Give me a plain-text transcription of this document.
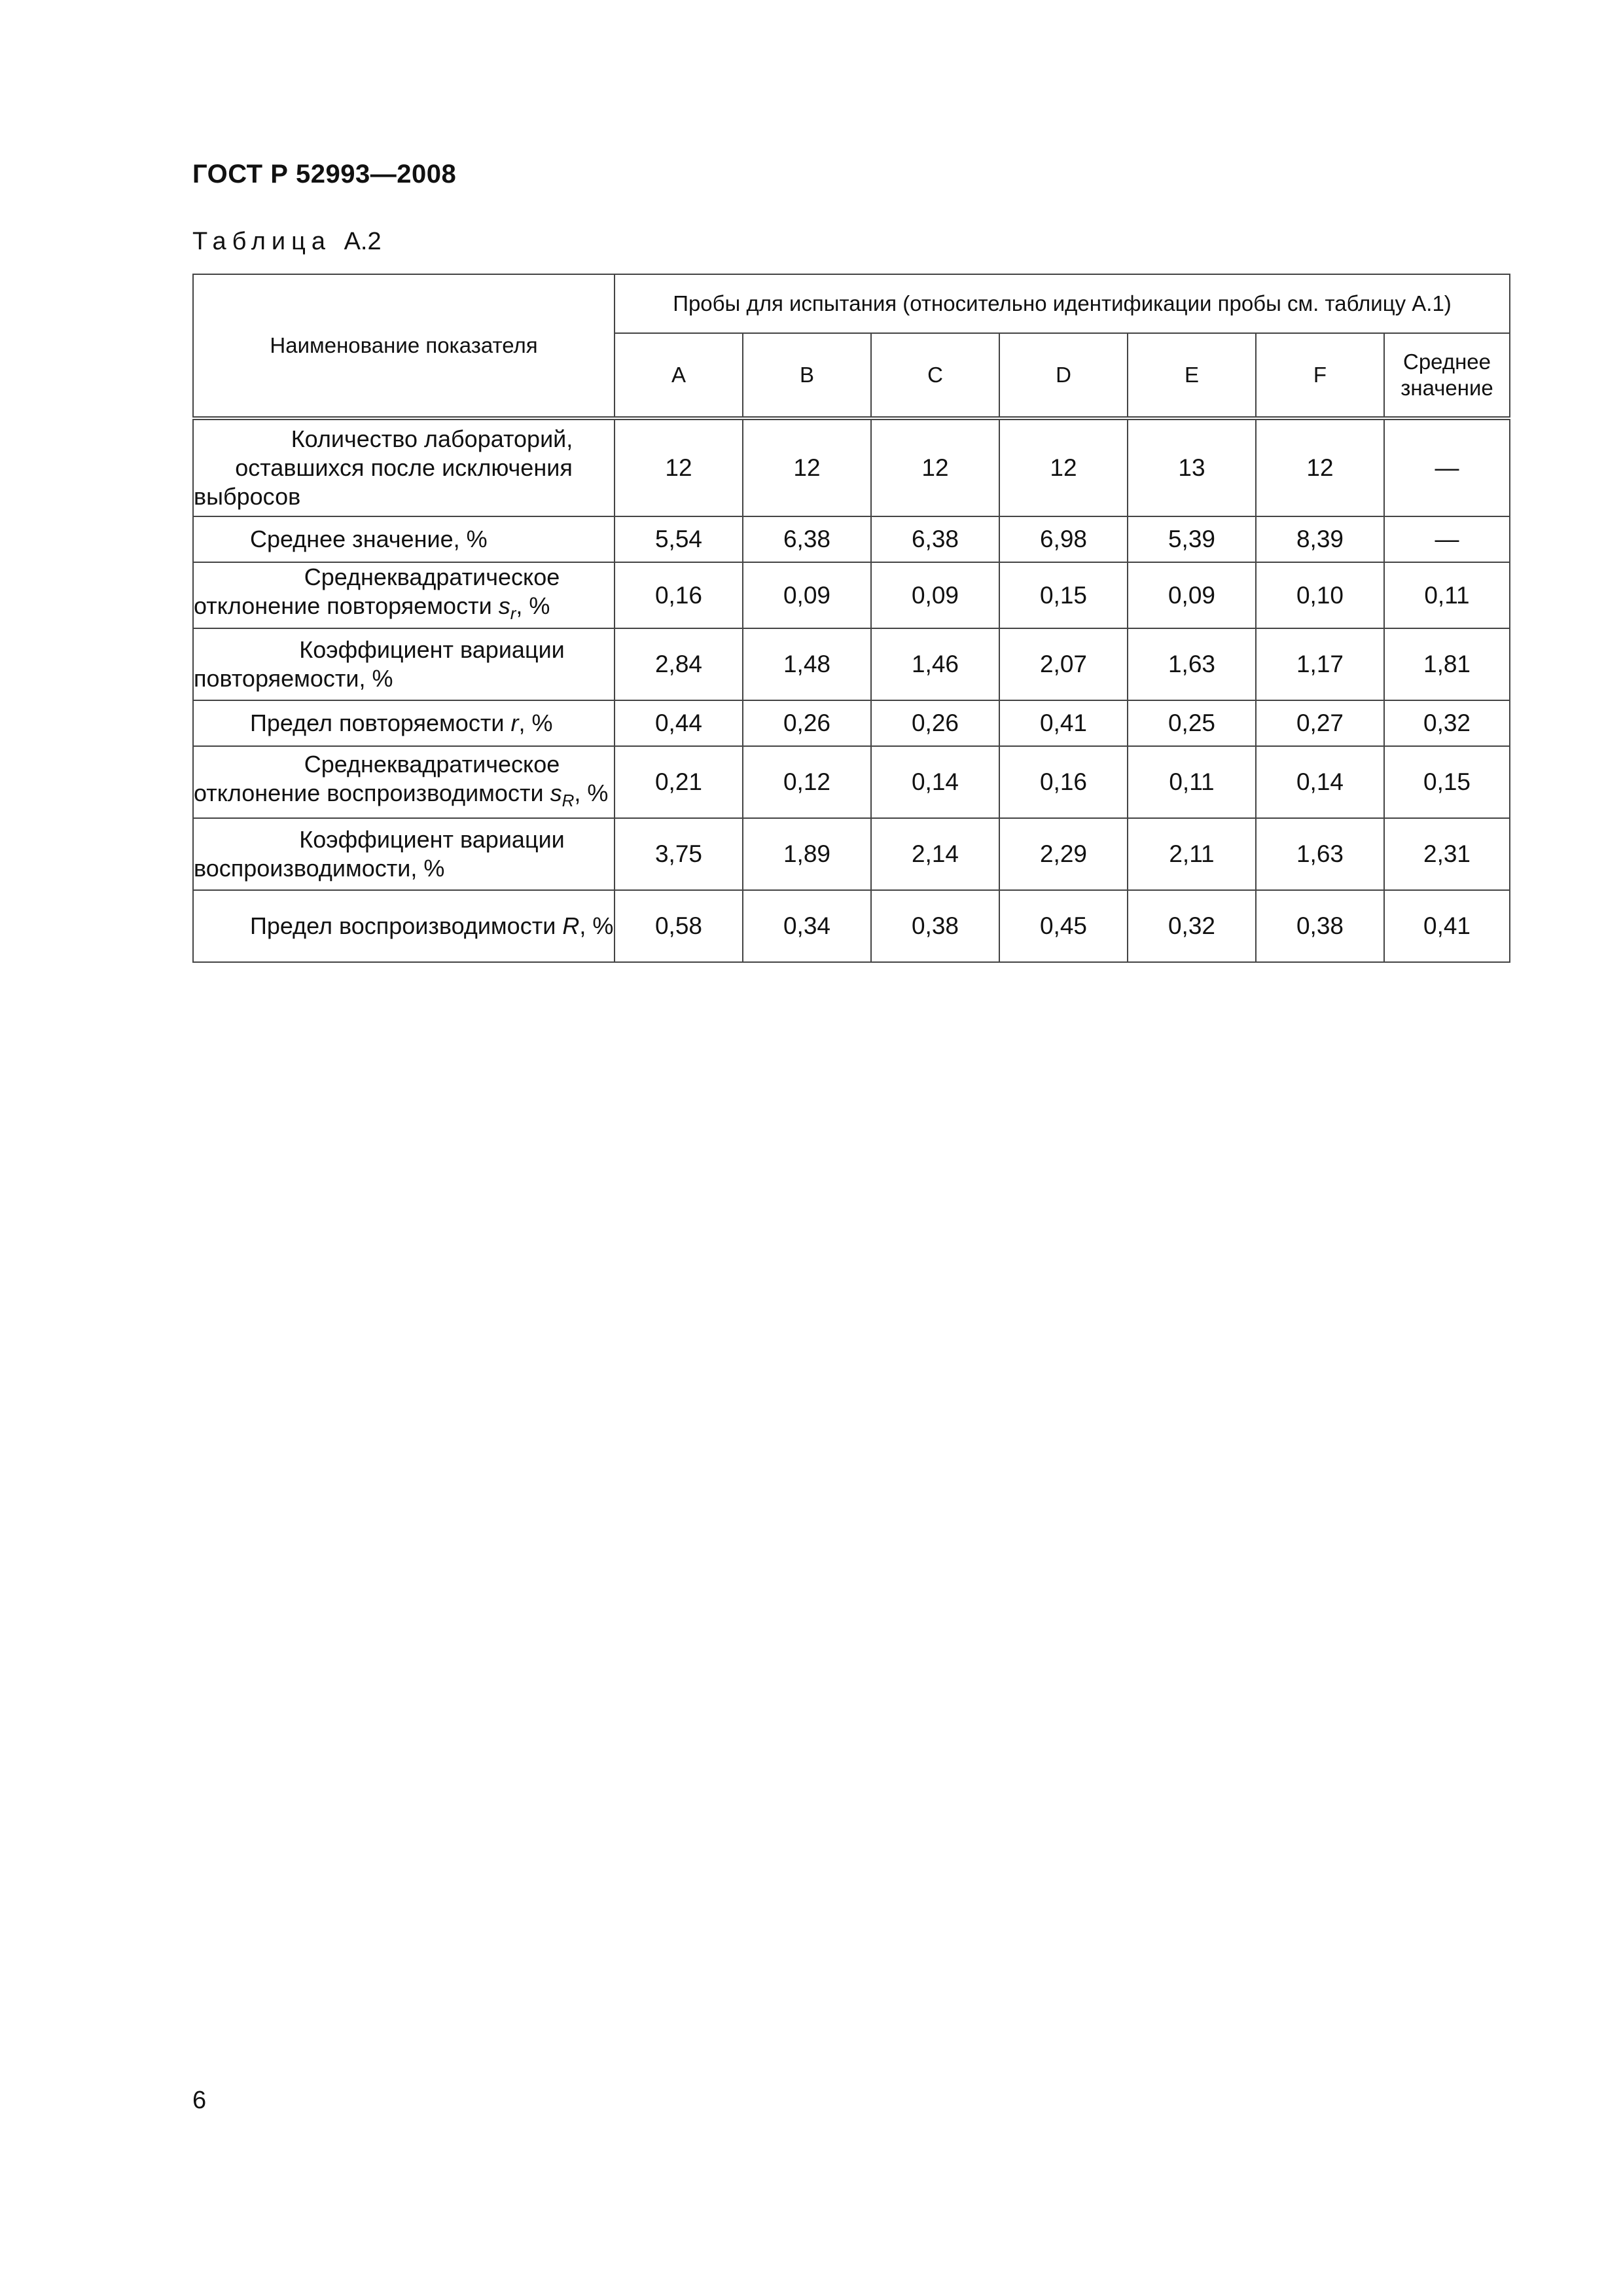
ГОСТ Р 52993—2008
Таблица А.2
Наименование показателя	Пробы для испытания (относительно идентификации пробы см. таблицу А.1)						
	A	B	C	D	E	F	Среднее значение

Количество лабораторий, оставшихся после исключения выбросов	12	12	12	12	13	12	—

Среднее значение, %	5,54	6,38	6,38	6,98	5,39	8,39	—

Среднеквадратическое отклонение повторяемости $s_r$, %	0,16	0,09	0,09	0,15	0,09	0,10	0,11

Коэффициент вариации повторяемости, %	2,84	1,48	1,46	2,07	1,63	1,17	1,81

Предел повторяемости r, %	0,44	0,26	0,26	0,41	0,25	0,27	0,32

Среднеквадратическое отклонение воспроизводимости $s_R$, %	0,21	0,12	0,14	0,16	0,11	0,14	0,15

Коэффициент вариации воспроизводимости, %	3,75	1,89	2,14	2,29	2,11	1,63	2,31

Предел воспроизводимости R, %	0,58	0,34	0,38	0,45	0,32	0,38	0,41
6
